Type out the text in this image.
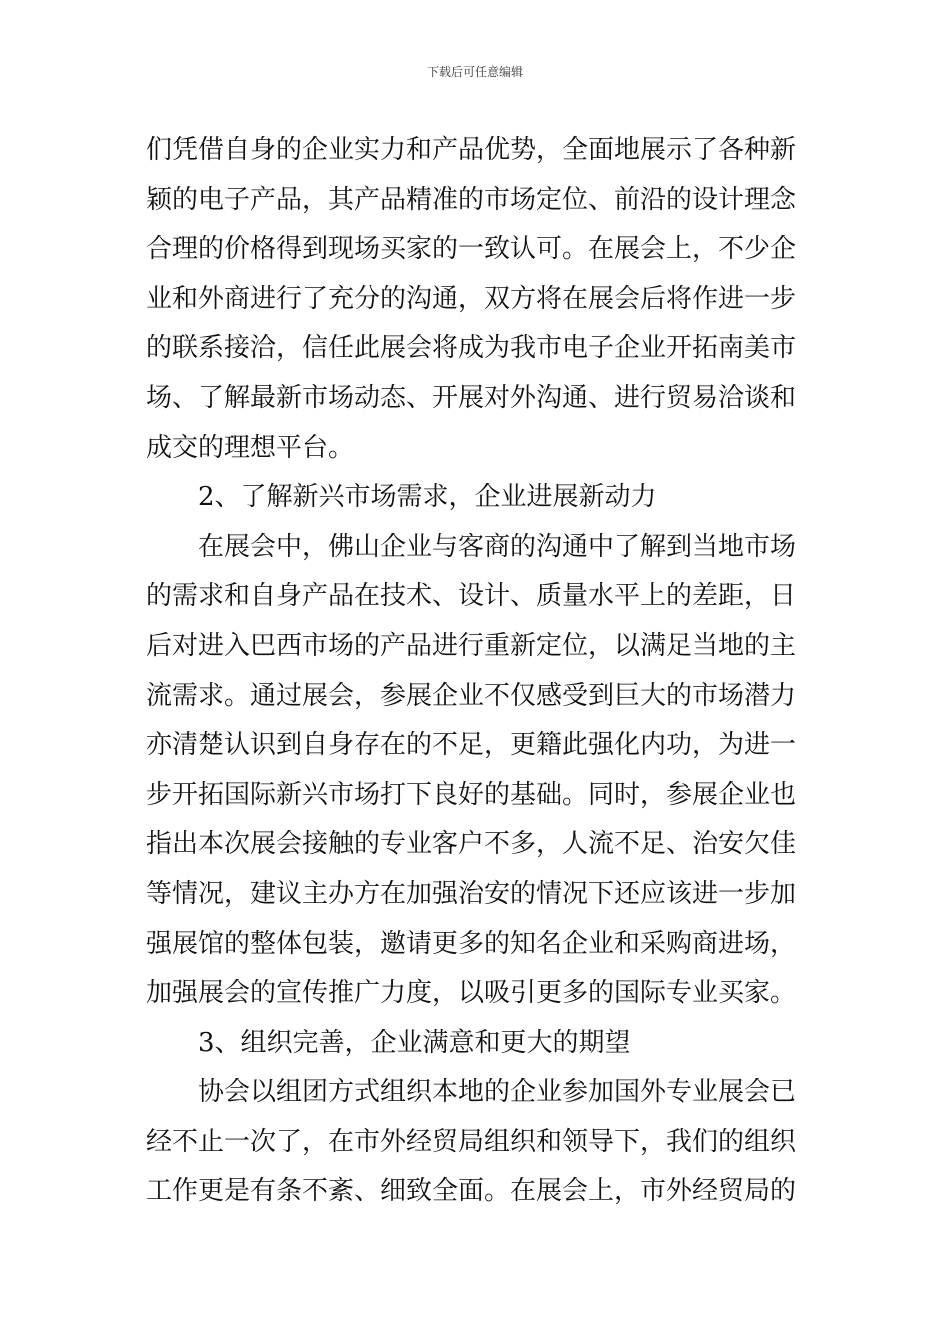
下载后可任意编辑
们凭借自身的企业实力和产品优势，全面地展示了各种新
颖的电子产品，其产品精准的市场定位、前沿的设计理念
合理的价格得到现场买家的一致认可。在展会上，不少企
业和外商进行了充分的沟通，双方将在展会后将作进一步
的联系接洽，信任此展会将成为我市电子企业开拓南美市
场、了解最新市场动态、开展对外沟通、进行贸易洽谈和
成交的理想平台。
2、了解新兴市场需求，企业进展新动力
在展会中，佛山企业与客商的沟通中了解到当地市场
的需求和自身产品在技术、设计、质量水平上的差距，日
后对进入巴西市场的产品进行重新定位，以满足当地的主
流需求。通过展会，参展企业不仅感受到巨大的市场潜力
亦清楚认识到自身存在的不足，更籍此强化内功，为进一
步开拓国际新兴市场打下良好的基础。同时，参展企业也
指出本次展会接触的专业客户不多，人流不足、治安欠佳
等情况，建议主办方在加强治安的情况下还应该进一步加
强展馆的整体包装，邀请更多的知名企业和采购商进场，
加强展会的宣传推广力度，以吸引更多的国际专业买家。
3、组织完善，企业满意和更大的期望
协会以组团方式组织本地的企业参加国外专业展会已
经不止一次了，在市外经贸局组织和领导下，我们的组织
工作更是有条不紊、细致全面。在展会上，市外经贸局的
